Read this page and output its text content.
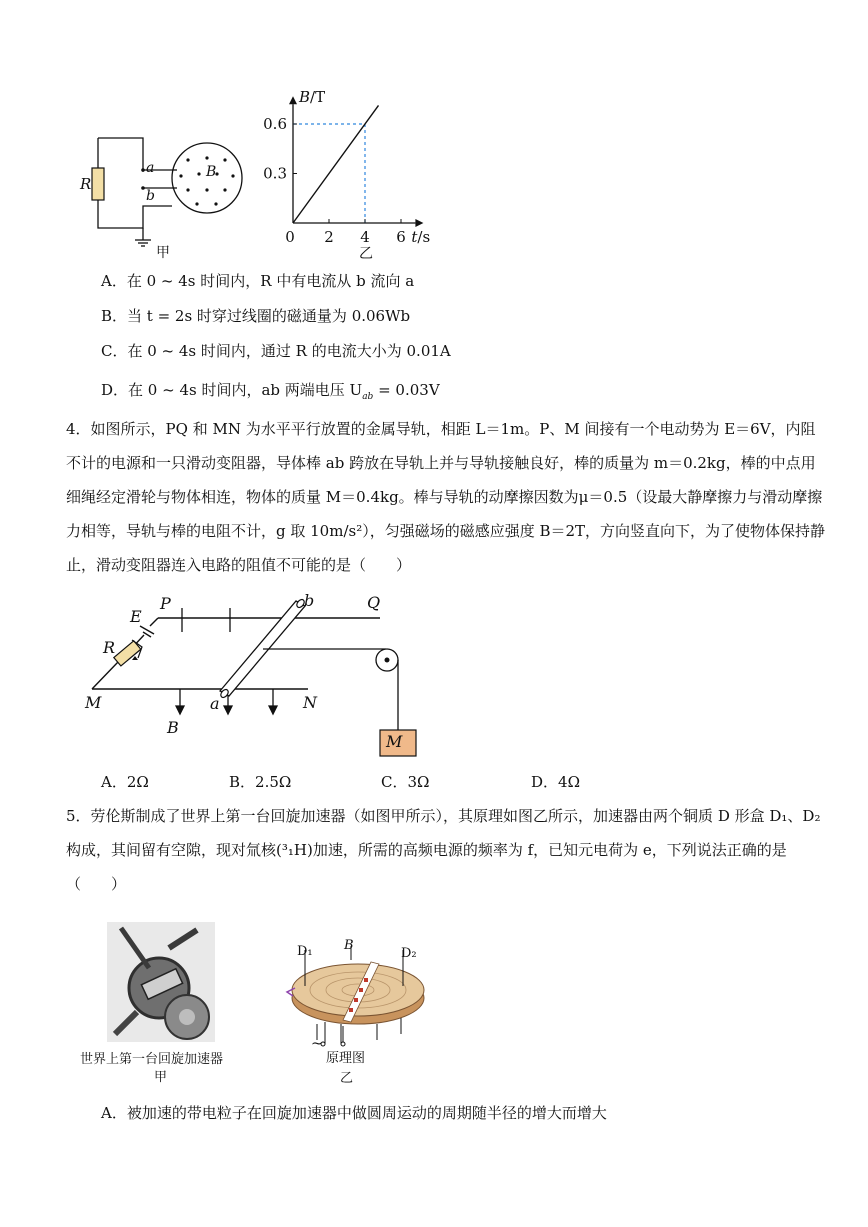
R
a
b
B
甲
0.3
0.6
2 4 6
0
B/T
t/s
乙
A．在 0 ~ 4s 时间内，R 中有电流从 b 流向 a
B．当 t = 2s 时穿过线圈的磁通量为 0.06Wb
C．在 0 ~ 4s 时间内，通过 R 的电流大小为 0.01A
D．在 0 ~ 4s 时间内，ab 两端电压 $U_{ab} = 0.03V$
4．如图所示，PQ 和 MN 为水平平行放置的金属导轨，相距 L＝1m。P、M 间接有一个电动势为 E＝6V，内阻不计的电源和一只滑动变阻器，导体棒 ab 跨放在导轨上并与导轨接触良好，棒的质量为 m＝0.2kg，棒的中点用细绳经定滑轮与物体相连，物体的质量 M＝0.4kg。棒与导轨的动摩擦因数为μ＝0.5（设最大静摩擦力与滑动摩擦力相等，导轨与棒的电阻不计，g 取 10m/s²），匀强磁场的磁感应强度 B＝2T，方向竖直向下，为了使物体保持静止，滑动变阻器连入电路的阻值不可能的是（　　）
P	Q
b
E
R
M	a	N
B
M
A．2Ω	B．2.5Ω	C．3Ω	D．4Ω
5．劳伦斯制成了世界上第一台回旋加速器（如图甲所示），其原理如图乙所示，加速器由两个铜质 D 形盒 D₁、D₂ 构成，其间留有空隙，现对氚核(³₁H)加速，所需的高频电源的频率为 f，已知元电荷为 e，下列说法正确的是（　　）
世界上第一台回旋加速器
甲
D₁ B
D₂
~
原理图
乙
A．被加速的带电粒子在回旋加速器中做圆周运动的周期随半径的增大而增大
